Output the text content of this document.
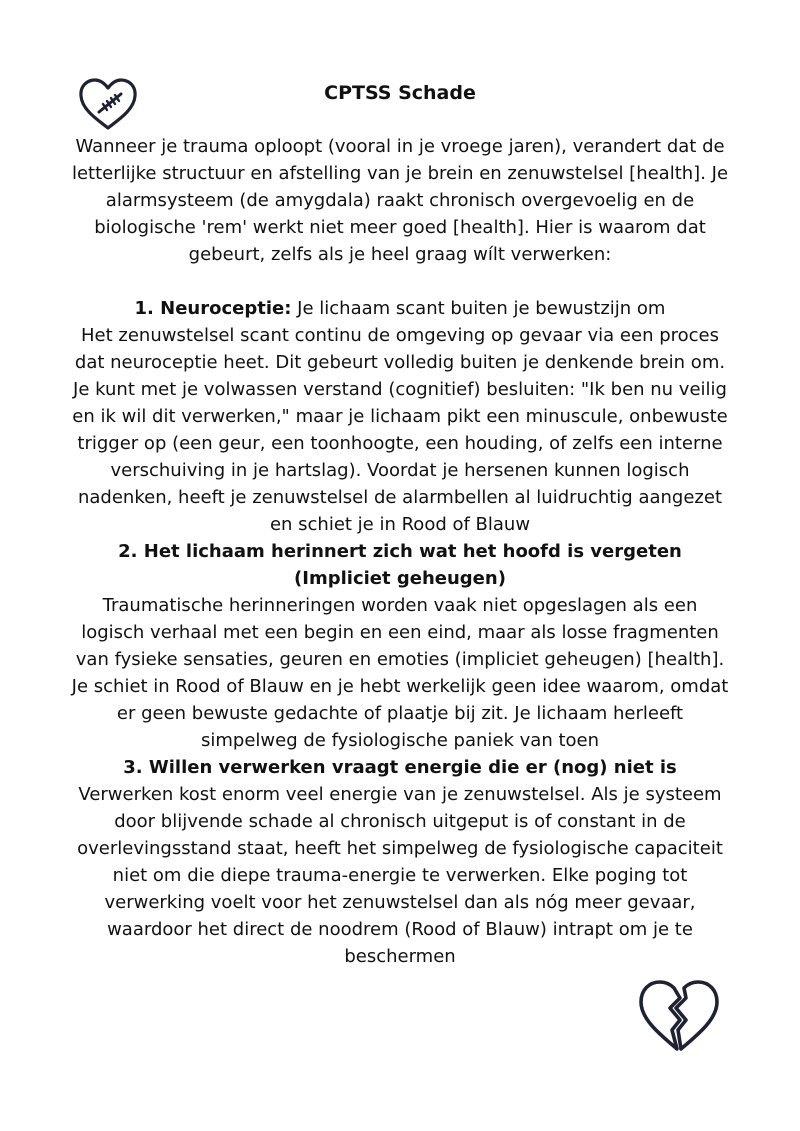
CPTSS Schade

Wanneer je trauma oploopt (vooral in je vroege jaren), verandert dat de letterlijke structuur en afstelling van je brein en zenuwstelsel [health]. Je alarmsysteem (de amygdala) raakt chronisch overgevoelig en de biologische 'rem' werkt niet meer goed [health]. Hier is waarom dat gebeurt, zelfs als je heel graag wílt verwerken:

1. Neuroceptie: Je lichaam scant buiten je bewustzijn om
Het zenuwstelsel scant continu de omgeving op gevaar via een proces dat neuroceptie heet. Dit gebeurt volledig buiten je denkende brein om. Je kunt met je volwassen verstand (cognitief) besluiten: "Ik ben nu veilig en ik wil dit verwerken," maar je lichaam pikt een minuscule, onbewuste trigger op (een geur, een toonhoogte, een houding, of zelfs een interne verschuiving in je hartslag). Voordat je hersenen kunnen logisch nadenken, heeft je zenuwstelsel de alarmbellen al luidruchtig aangezet en schiet je in Rood of Blauw

2. Het lichaam herinnert zich wat het hoofd is vergeten (Impliciet geheugen)

Traumatische herinneringen worden vaak niet opgeslagen als een logisch verhaal met een begin en een eind, maar als losse fragmenten van fysieke sensaties, geuren en emoties (impliciet geheugen) [health]. Je schiet in Rood of Blauw en je hebt werkelijk geen idee waarom, omdat er geen bewuste gedachte of plaatje bij zit. Je lichaam herleeft simpelweg de fysiologische paniek van toen

3. Willen verwerken vraagt energie die er (nog) niet is

Verwerken kost enorm veel energie van je zenuwstelsel. Als je systeem door blijvende schade al chronisch uitgeput is of constant in de overlevingsstand staat, heeft het simpelweg de fysiologische capaciteit niet om die diepe trauma-energie te verwerken. Elke poging tot verwerking voelt voor het zenuwstelsel dan als nóg meer gevaar, waardoor het direct de noodrem (Rood of Blauw) intrapt om je te beschermen
